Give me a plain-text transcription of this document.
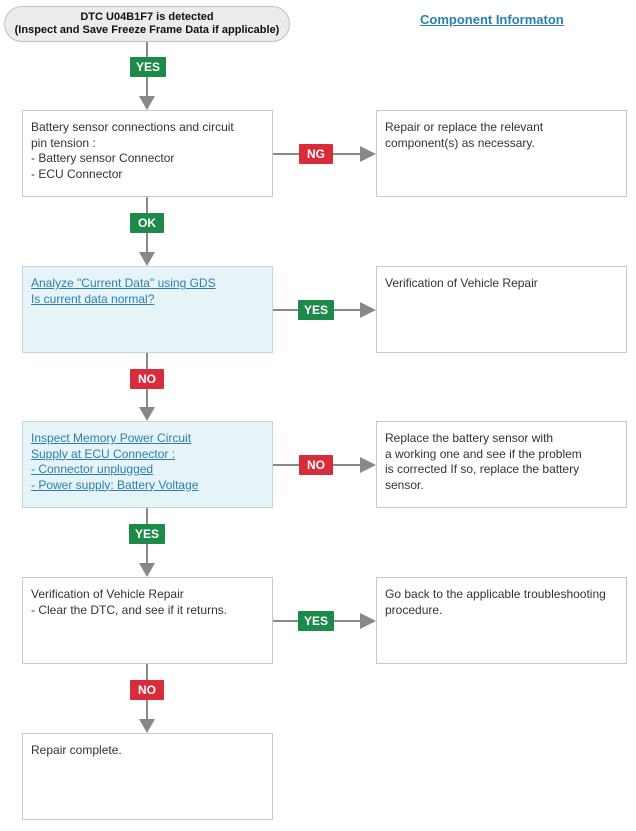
DTC U04B1F7 is detected
(Inspect and Save Freeze Frame Data if applicable)
Component Informaton
YES
Battery sensor connections and circuit
pin tension :
- Battery sensor Connector
- ECU Connector
NG
Repair or replace the relevant
component(s) as necessary.
OK
Analyze "Current Data" using GDS
Is current data normal?
YES
Verification of Vehicle Repair
NO
Inspect Memory Power Circuit
Supply at ECU Connector :
- Connector unplugged
- Power supply: Battery Voltage
NO
Replace the battery sensor with
a working one and see if the problem
is corrected If so, replace the battery
sensor.
YES
Verification of Vehicle Repair
- Clear the DTC, and see if it returns.
YES
Go back to the applicable troubleshooting
procedure.
NO
Repair complete.
